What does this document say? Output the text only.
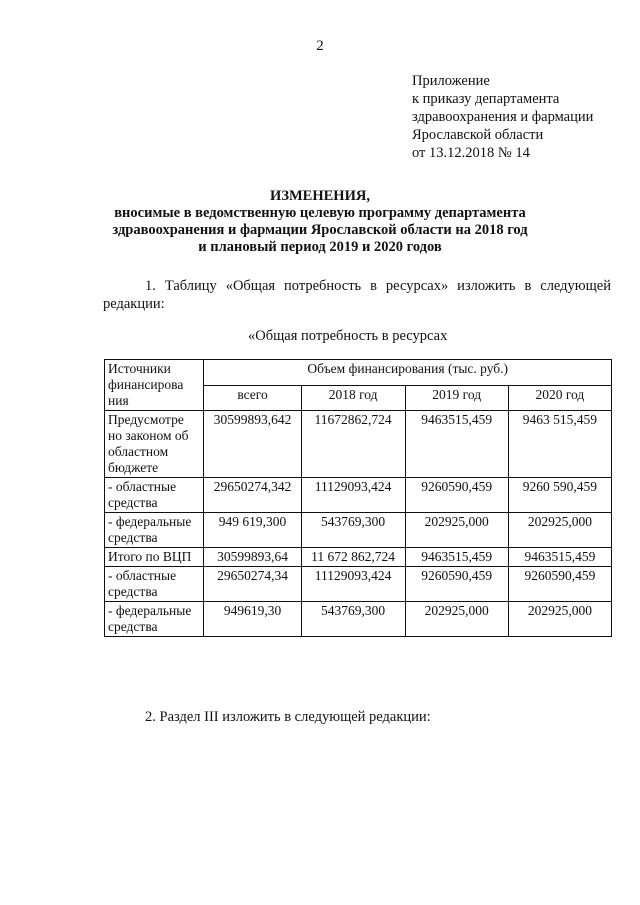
2
Приложение
к приказу департамента
здравоохранения и фармации
Ярославской области
от 13.12.2018 № 14
ИЗМЕНЕНИЯ,
вносимые в ведомственную целевую программу департамента
здравоохранения и фармации Ярославской области на 2018 год
и плановый период 2019 и 2020 годов
1. Таблицу «Общая потребность в ресурсах» изложить в следующей редакции:
«Общая потребность в ресурсах
Источники финансирова ния	Объем финансирования (тыс. руб.)			
	всего	2018 год	2019 год	2020 год
Предусмотре но законом об областном бюджете	30599893,642	11672862,724	9463515,459	9463 515,459
- областные средства	29650274,342	11129093,424	9260590,459	9260 590,459
- федеральные средства	949 619,300	543769,300	202925,000	202925,000
Итого по ВЦП	30599893,64	11 672 862,724	9463515,459	9463515,459
- областные средства	29650274,34	11129093,424	9260590,459	9260590,459
- федеральные средства	949619,30	543769,300	202925,000	202925,000
2. Раздел III изложить в следующей редакции:
